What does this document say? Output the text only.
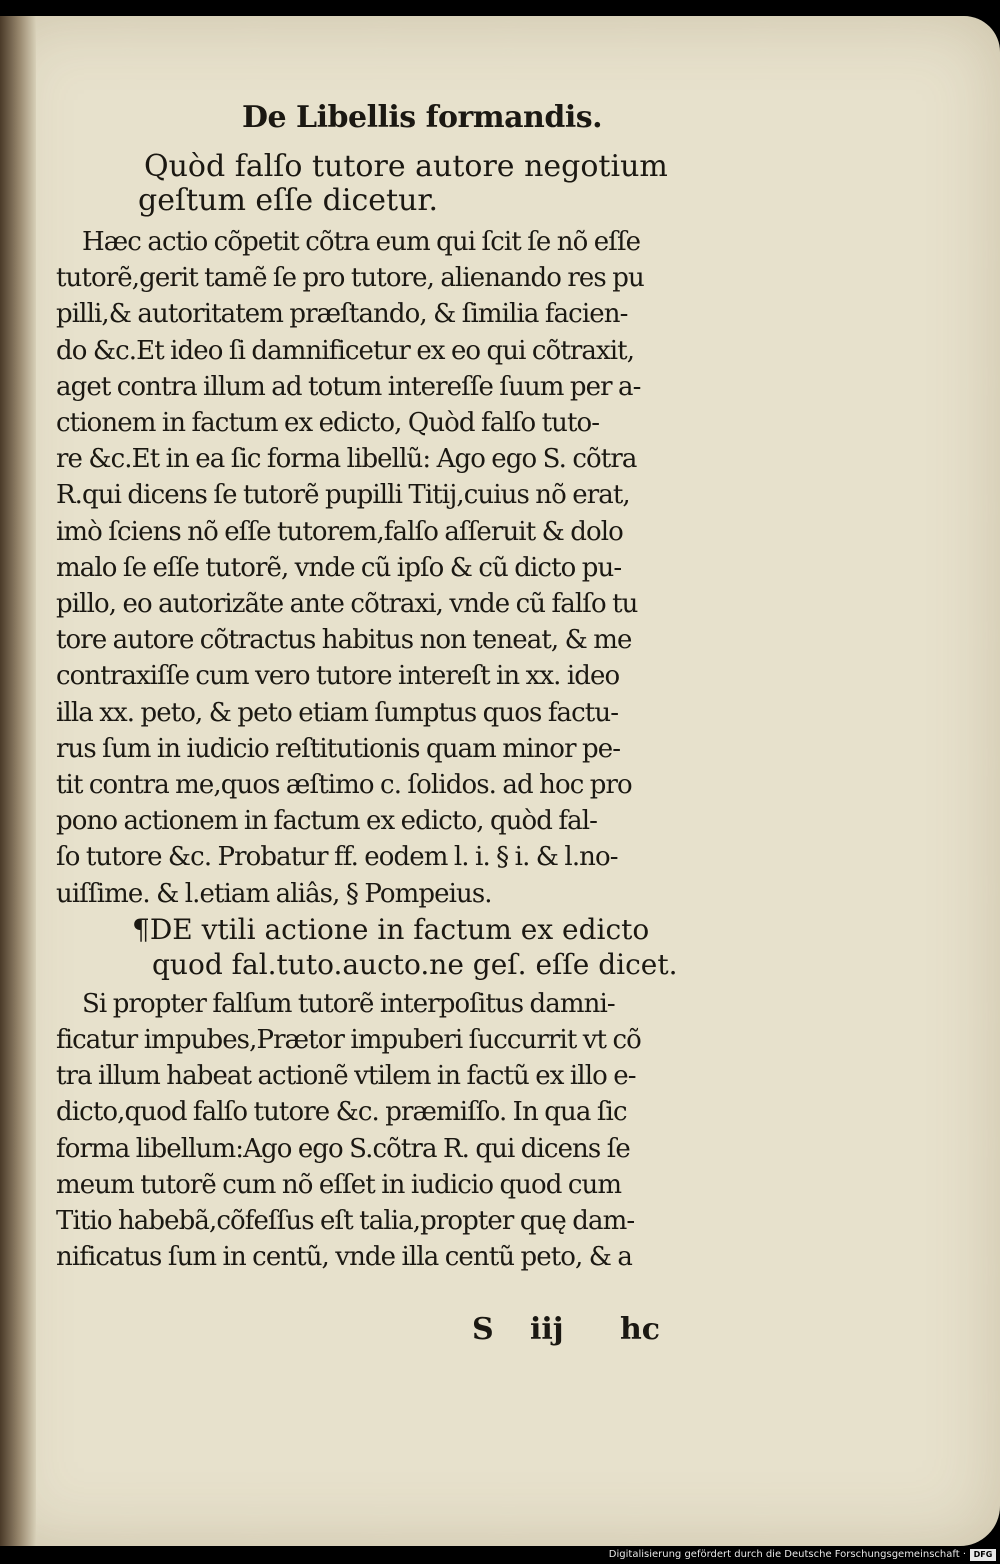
De Libellis formandis.
Quòd falſo tutore autore negotium
geſtum eſſe dicetur.
Hæc actio cõpetit cõtra eum qui ſcit ſe nõ eſſe
tutorẽ,gerit tamẽ ſe pro tutore, alienando res pu
pilli,& autoritatem præſtando, & ſimilia facien-
do &c.Et ideo ſi damnificetur ex eo qui cõtraxit,
aget contra illum ad totum intereſſe ſuum per a-
ctionem in factum ex edicto, Quòd falſo tuto-
re &c.Et in ea ſic forma libellũ: Ago ego S. cõtra
R.qui dicens ſe tutorẽ pupilli Titij,cuius nõ erat,
imò ſciens nõ eſſe tutorem,falſo aſſeruit & dolo
malo ſe eſſe tutorẽ, vnde cũ ipſo & cũ dicto pu-
pillo, eo autorizãte ante cõtraxi, vnde cũ falſo tu
tore autore cõtractus habitus non teneat, & me
contraxiſſe cum vero tutore intereſt in xx. ideo
illa xx. peto, & peto etiam ſumptus quos factu-
rus ſum in iudicio reſtitutionis quam minor pe-
tit contra me,quos æſtimo c. ſolidos. ad hoc pro
pono actionem in factum ex edicto, quòd fal-
ſo tutore &c. Probatur ff. eodem l. i. § i. & l.no-
uiſſime. & l.etiam aliâs, § Pompeius.
¶DE vtili actione in factum ex edicto
quod fal.tuto.aucto.ne geſ. eſſe dicet.
Si propter falſum tutorẽ interpoſitus damni-
ficatur impubes,Prætor impuberi ſuccurrit vt cõ
tra illum habeat actionẽ vtilem in factũ ex illo e-
dicto,quod falſo tutore &c. præmiſſo. In qua ſic
forma libellum:Ago ego S.cõtra R. qui dicens ſe
meum tutorẽ cum nõ eſſet in iudicio quod cum
Titio habebã,cõfeſſus eſt talia,propter quę dam-
nificatus ſum in centũ, vnde illa centũ peto, & a
S iij hc
Digitalisierung gefördert durch die Deutsche Forschungsgemeinschaft · DFG
